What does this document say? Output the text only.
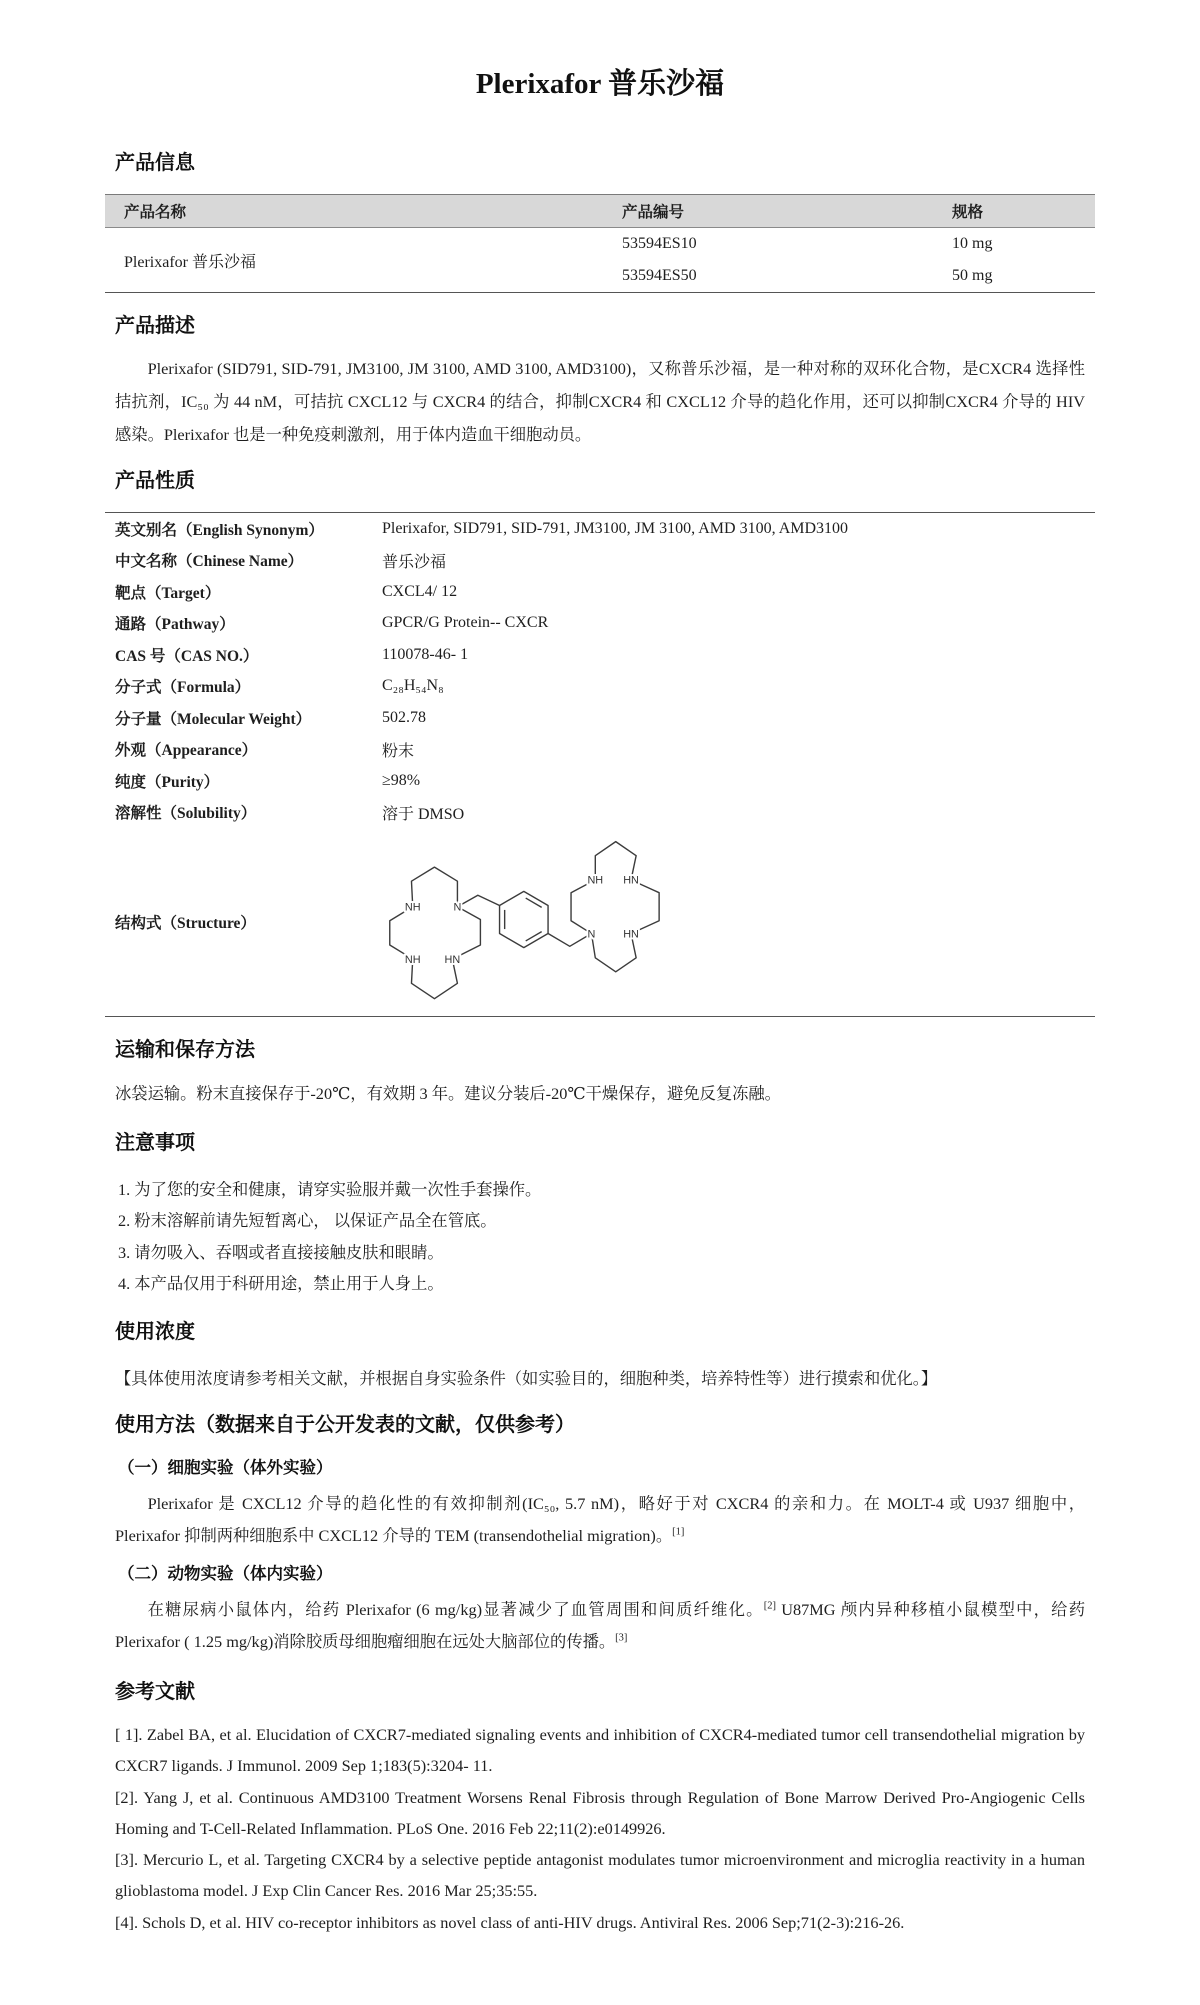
Plerixafor 普乐沙福
产品信息
产品名称	产品编号	规格
Plerixafor 普乐沙福	53594ES10	10 mg
	53594ES50	50 mg
产品描述

Plerixafor (SID791, SID-791, JM3100, JM 3100, AMD 3100, AMD3100)，又称普乐沙福，是一种对称的双环化合物，是CXCR4 选择性拮抗剂，IC₅₀ 为 44 nM，可拮抗 CXCL12 与 CXCR4 的结合，抑制CXCR4 和 CXCL12 介导的趋化作用，还可以抑制CXCR4 介导的 HIV 感染。Plerixafor 也是一种免疫刺激剂，用于体内造血干细胞动员。

产品性质
英文别名（English Synonym）	Plerixafor, SID791, SID-791, JM3100, JM 3100, AMD 3100, AMD3100
中文名称（Chinese Name）	普乐沙福
靶点（Target）	CXCL4/ 12
通路（Pathway）	GPCR/G Protein-- CXCR
CAS 号（CAS NO.）	110078-46- 1
分子式（Formula）	C₂₈H₅₄N₈
分子量（Molecular Weight）	502.78
外观（Appearance）	粉末
纯度（Purity）	≥98%
溶解性（Solubility）	溶于 DMSO
结构式（Structure）
NH	N
NH	HN
NH HN
N	HN
运输和保存方法
冰袋运输。粉末直接保存于-20℃，有效期 3 年。建议分装后-20℃干燥保存，避免反复冻融。
注意事项
1. 为了您的安全和健康，请穿实验服并戴一次性手套操作。
2. 粉末溶解前请先短暂离心， 以保证产品全在管底。
3. 请勿吸入、吞咽或者直接接触皮肤和眼睛。
4. 本产品仅用于科研用途，禁止用于人身上。
使用浓度
【具体使用浓度请参考相关文献，并根据自身实验条件（如实验目的，细胞种类，培养特性等）进行摸索和优化。】
使用方法（数据来自于公开发表的文献，仅供参考）
（一）细胞实验（体外实验）

Plerixafor 是 CXCL12 介导的趋化性的有效抑制剂(IC₅₀, 5.7 nM)，略好于对 CXCR4 的亲和力。在 MOLT-4 或 U937 细胞中，Plerixafor 抑制两种细胞系中 CXCL12 介导的 TEM (transendothelial migration)。[1]

（二）动物实验（体内实验）

在糖尿病小鼠体内，给药 Plerixafor (6 mg/kg)显著减少了血管周围和间质纤维化。[2] U87MG 颅内异种移植小鼠模型中，给药 Plerixafor ( 1.25 mg/kg)消除胶质母细胞瘤细胞在远处大脑部位的传播。[3]

参考文献

[ 1]. Zabel BA, et al. Elucidation of CXCR7-mediated signaling events and inhibition of CXCR4-mediated tumor cell transendothelial migration by CXCR7 ligands. J Immunol. 2009 Sep 1;183(5):3204- 11.

[2]. Yang J, et al. Continuous AMD3100 Treatment Worsens Renal Fibrosis through Regulation of Bone Marrow Derived Pro-Angiogenic Cells Homing and T-Cell-Related Inflammation. PLoS One. 2016 Feb 22;11(2):e0149926.

[3]. Mercurio L, et al. Targeting CXCR4 by a selective peptide antagonist modulates tumor microenvironment and microglia reactivity in a human glioblastoma model. J Exp Clin Cancer Res. 2016 Mar 25;35:55.

[4]. Schols D, et al. HIV co-receptor inhibitors as novel class of anti-HIV drugs. Antiviral Res. 2006 Sep;71(2-3):216-26.
